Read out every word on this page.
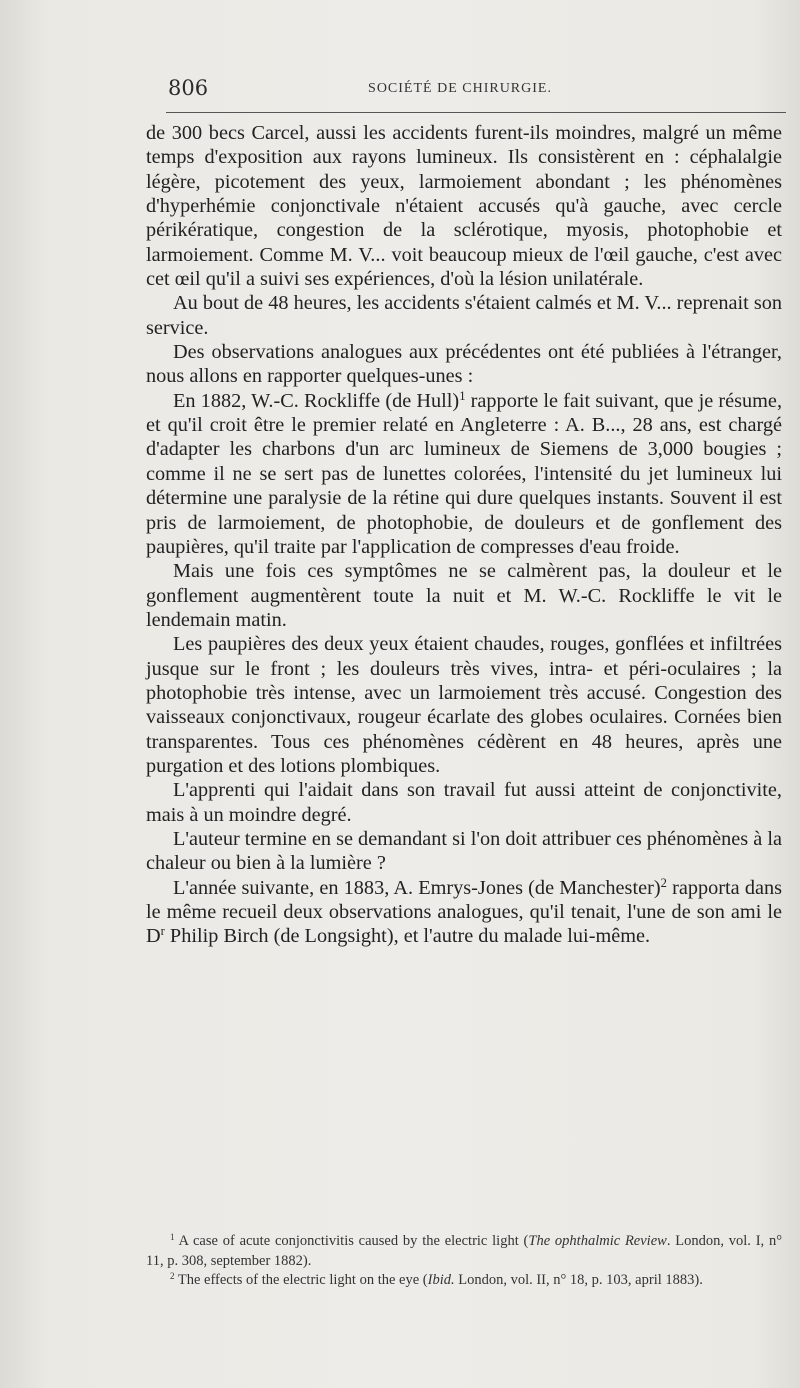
806	SOCIÉTÉ DE CHIRURGIE.

de 300 becs Carcel, aussi les accidents furent-ils moindres, malgré un même temps d'exposition aux rayons lumineux. Ils consistèrent en : céphalalgie légère, picotement des yeux, larmoiement abondant ; les phénomènes d'hyperhémie conjonctivale n'étaient accusés qu'à gauche, avec cercle périkératique, congestion de la sclérotique, myosis, photophobie et larmoiement. Comme M. V... voit beaucoup mieux de l'œil gauche, c'est avec cet œil qu'il a suivi ses expériences, d'où la lésion unilatérale.

Au bout de 48 heures, les accidents s'étaient calmés et M. V... reprenait son service.

Des observations analogues aux précédentes ont été publiées à l'étranger, nous allons en rapporter quelques-unes :

En 1882, W.-C. Rockliffe (de Hull)$^1$ rapporte le fait suivant, que je résume, et qu'il croit être le premier relaté en Angleterre : A. B..., 28 ans, est chargé d'adapter les charbons d'un arc lumineux de Siemens de 3,000 bougies ; comme il ne se sert pas de lunettes colorées, l'intensité du jet lumineux lui détermine une paralysie de la rétine qui dure quelques instants. Souvent il est pris de larmoiement, de photophobie, de douleurs et de gonflement des paupières, qu'il traite par l'application de compresses d'eau froide.

Mais une fois ces symptômes ne se calmèrent pas, la douleur et le gonflement augmentèrent toute la nuit et M. W.-C. Rockliffe le vit le lendemain matin.

Les paupières des deux yeux étaient chaudes, rouges, gonflées et infiltrées jusque sur le front ; les douleurs très vives, intra- et péri-oculaires ; la photophobie très intense, avec un larmoiement très accusé. Congestion des vaisseaux conjonctivaux, rougeur écarlate des globes oculaires. Cornées bien transparentes. Tous ces phénomènes cédèrent en 48 heures, après une purgation et des lotions plombiques.

L'apprenti qui l'aidait dans son travail fut aussi atteint de conjonctivite, mais à un moindre degré.

L'auteur termine en se demandant si l'on doit attribuer ces phénomènes à la chaleur ou bien à la lumière ?

L'année suivante, en 1883, A. Emrys-Jones (de Manchester)$^2$ rapporta dans le même recueil deux observations analogues, qu'il tenait, l'une de son ami le $D^r$ Philip Birch (de Longsight), et l'autre du malade lui-même.

$^1$ A case of acute conjonctivitis caused by the electric light (The ophthalmic Review. London, vol. I, n° 11, p. 308, september 1882).

$^2$ The effects of the electric light on the eye (Ibid. London, vol. II, n° 18, p. 103, april 1883).
